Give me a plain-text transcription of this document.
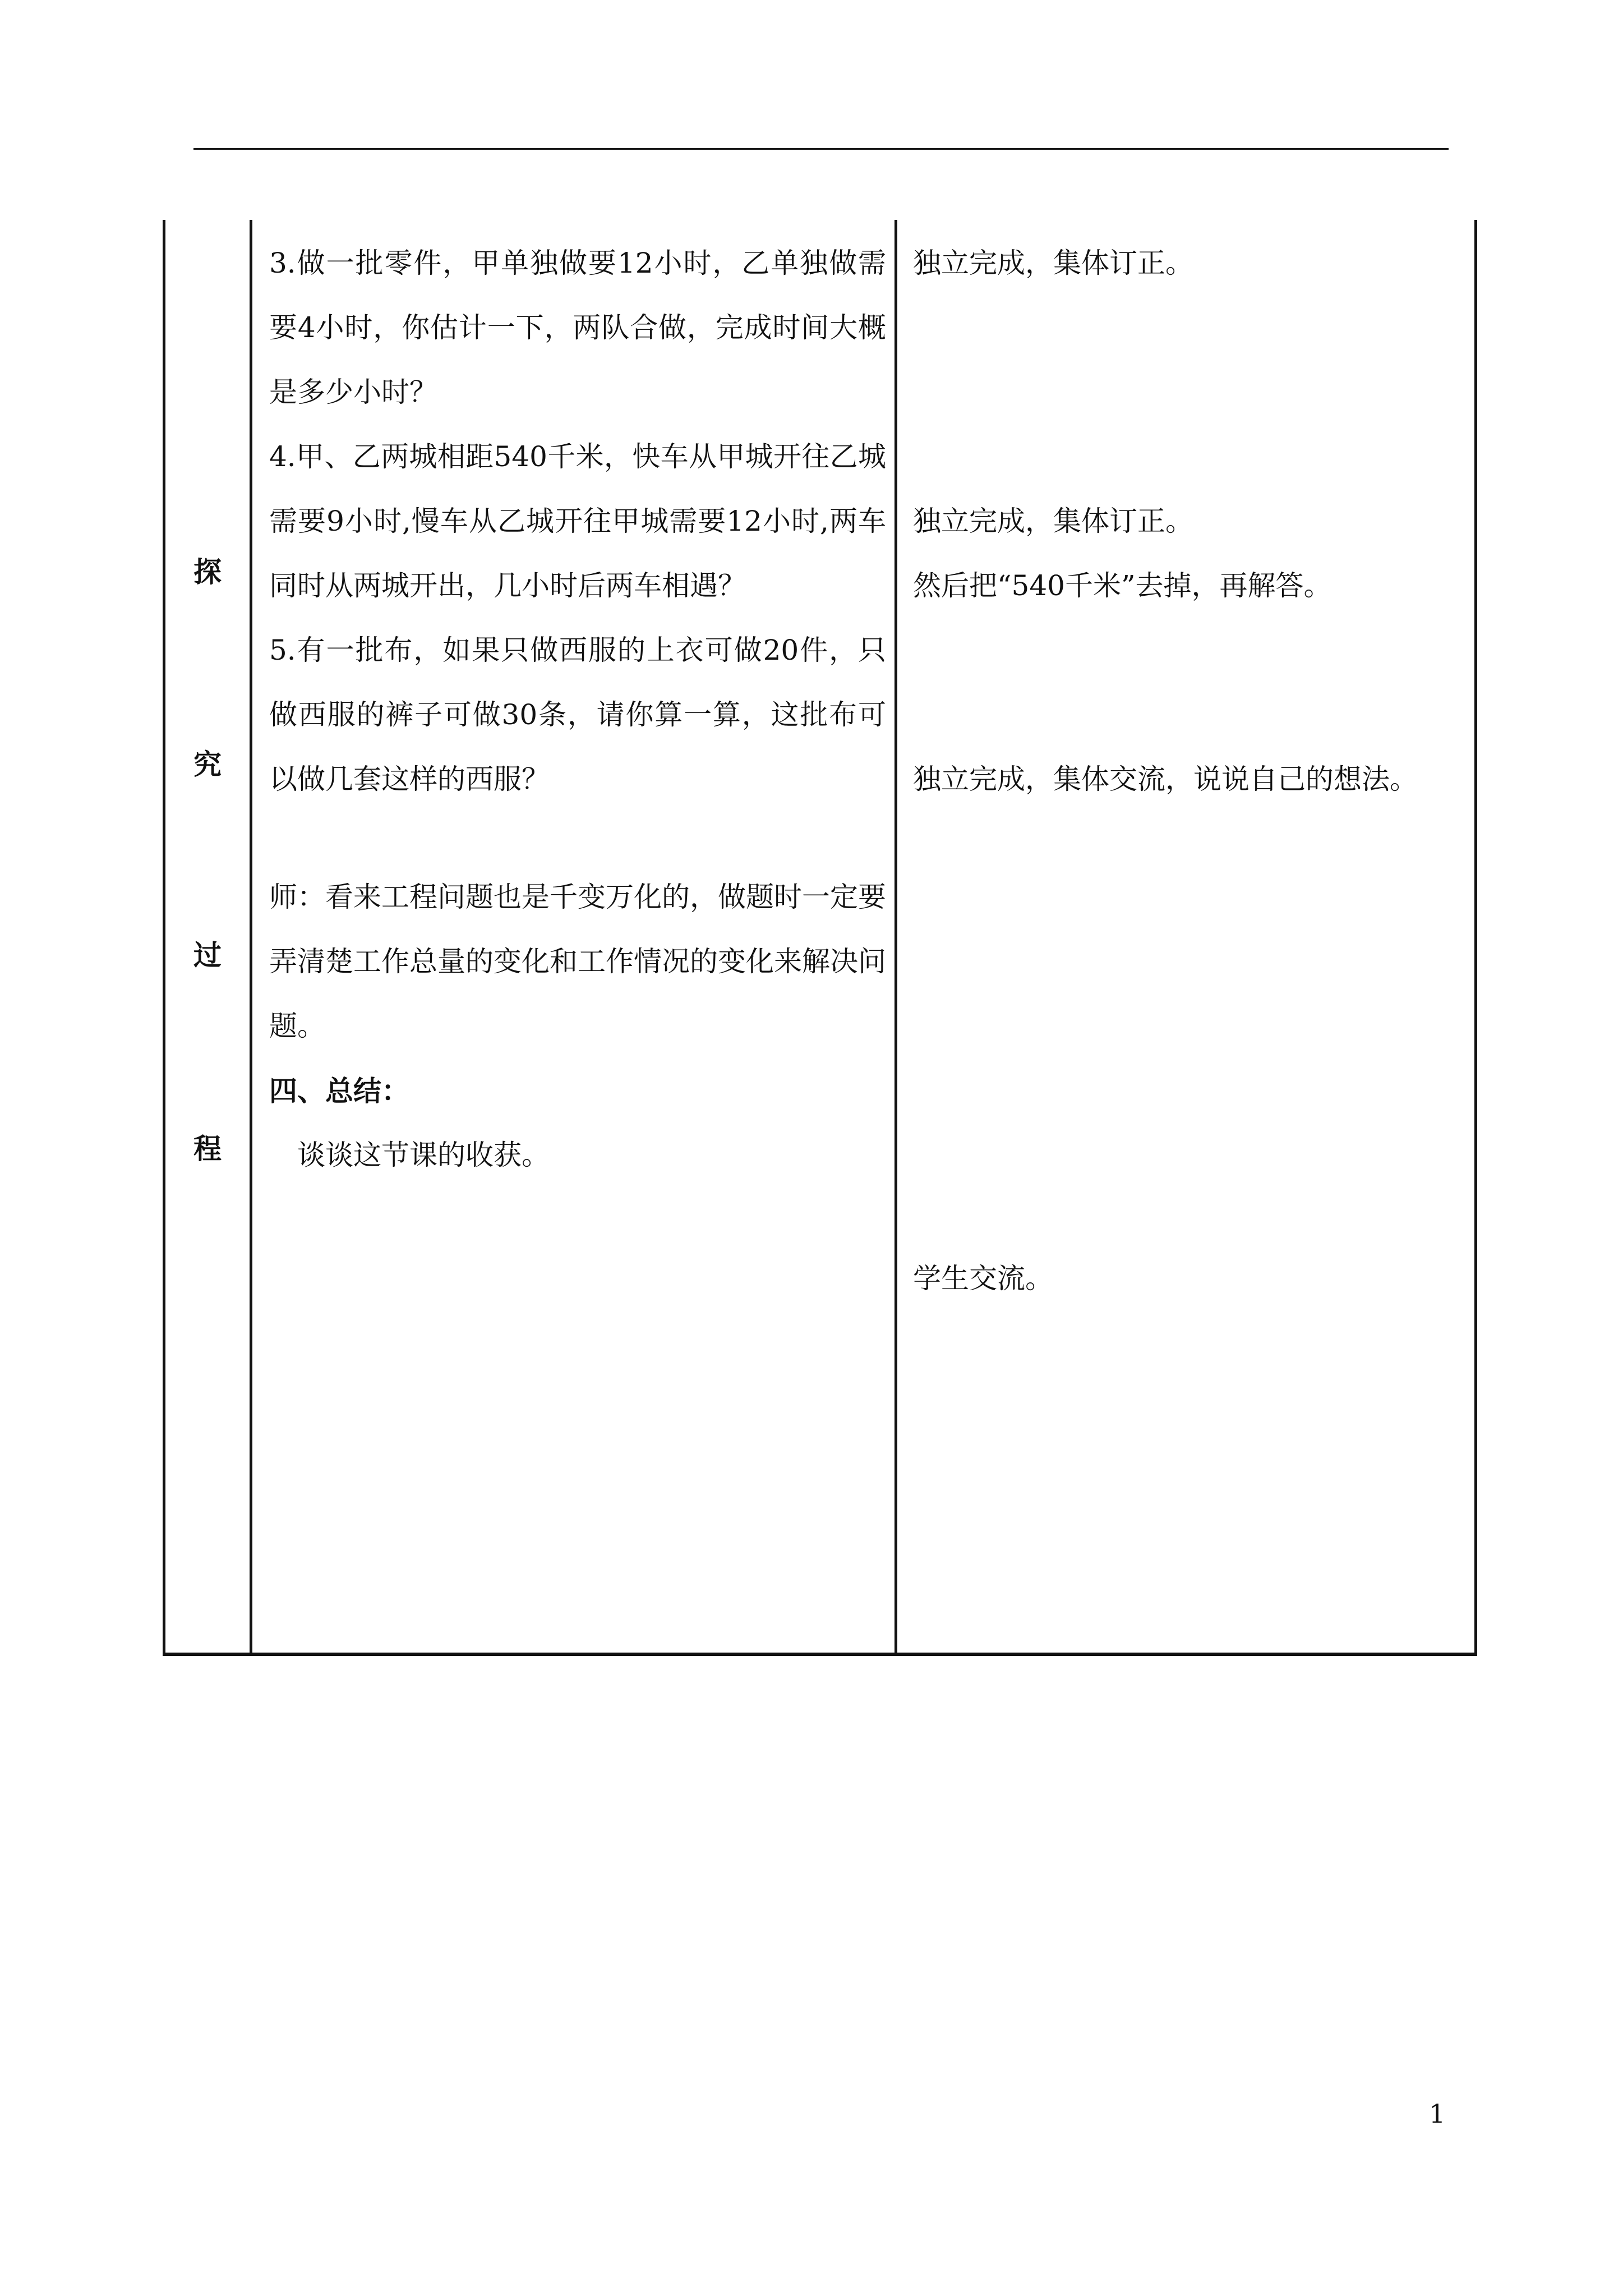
探
究
过
程

3.做一批零件，甲单独做要12小时，乙单独做需要4小时，你估计一下，两队合做，完成时间大概是多少小时？

4.甲、乙两城相距540千米，快车从甲城开往乙城需要9小时,慢车从乙城开往甲城需要12小时,两车同时从两城开出，几小时后两车相遇？

5.有一批布，如果只做西服的上衣可做20件，只做西服的裤子可做30条，请你算一算，这批布可以做几套这样的西服？

师：看来工程问题也是千变万化的，做题时一定要弄清楚工作总量的变化和工作情况的变化来解决问题。

四、总结：

谈谈这节课的收获。

独立完成，集体订正。
独立完成，集体订正。
然后把“540千米”去掉，再解答。
独立完成，集体交流，说说自己的想法。
学生交流。
1
